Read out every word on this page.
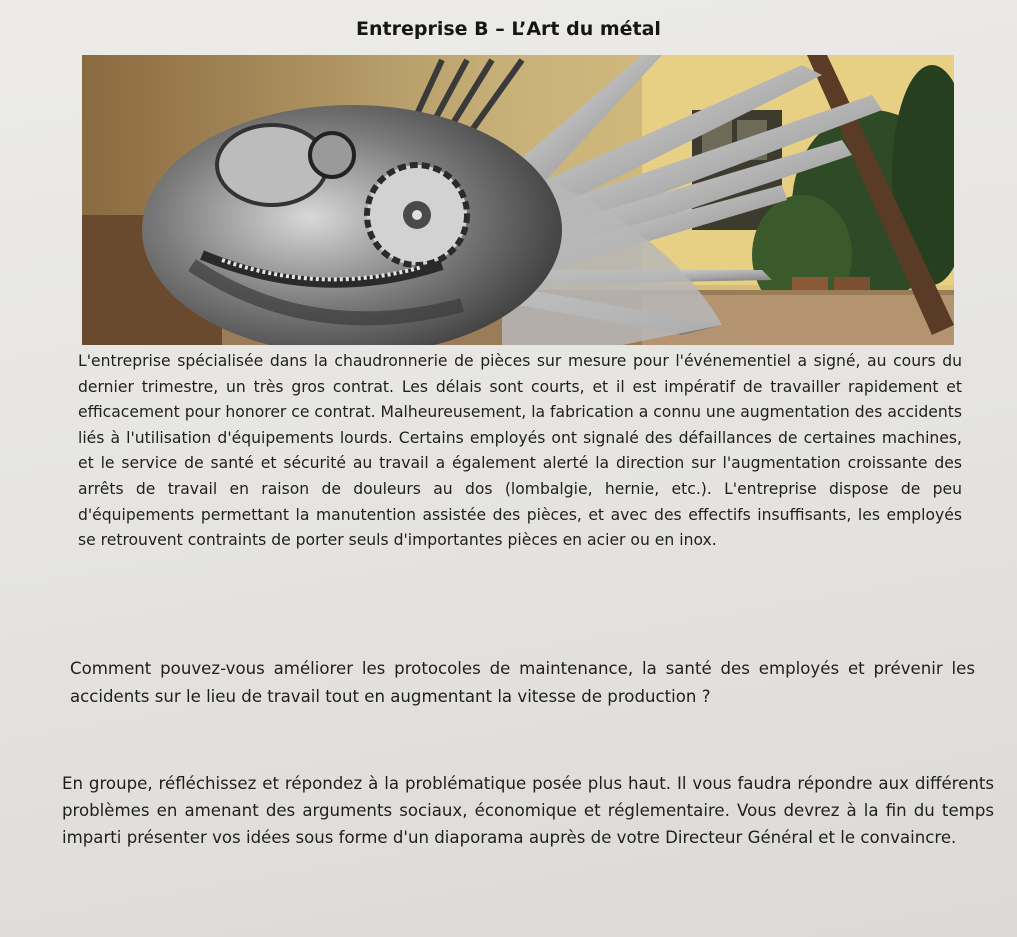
Entreprise B – L’Art du métal

L'entreprise spécialisée dans la chaudronnerie de pièces sur mesure pour l'événementiel a signé, au cours du dernier trimestre, un très gros contrat. Les délais sont courts, et il est impératif de travailler rapidement et efficacement pour honorer ce contrat. Malheureusement, la fabrication a connu une augmentation des accidents liés à l'utilisation d'équipements lourds. Certains employés ont signalé des défaillances de certaines machines, et le service de santé et sécurité au travail a également alerté la direction sur l'augmentation croissante des arrêts de travail en raison de douleurs au dos (lombalgie, hernie, etc.). L'entreprise dispose de peu d'équipements permettant la manutention assistée des pièces, et avec des effectifs insuffisants, les employés se retrouvent contraints de porter seuls d'importantes pièces en acier ou en inox.

Comment pouvez-vous améliorer les protocoles de maintenance, la santé des employés et prévenir les accidents sur le lieu de travail tout en augmentant la vitesse de production ?

En groupe, réfléchissez et répondez à la problématique posée plus haut. Il vous faudra répondre aux différents problèmes en amenant des arguments sociaux, économique et réglementaire. Vous devrez à la fin du temps imparti présenter vos idées sous forme d'un diaporama auprès de votre Directeur Général et le convaincre.
